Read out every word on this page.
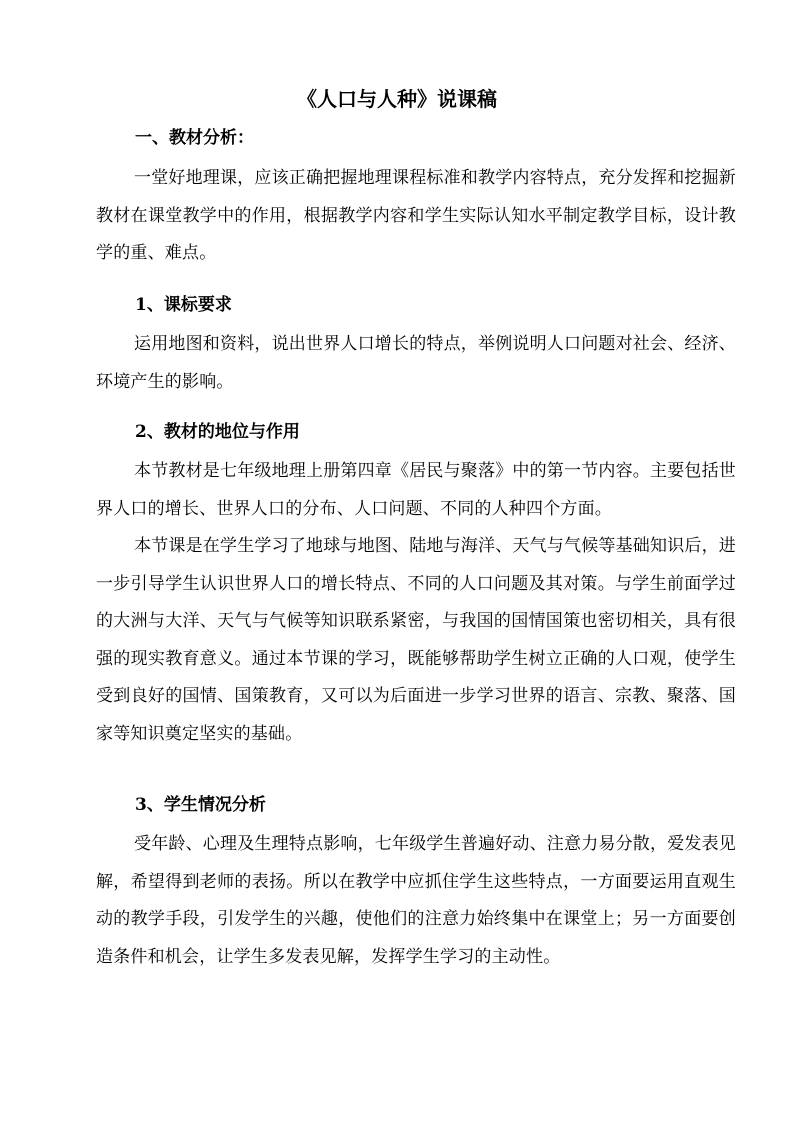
《人口与人种》说课稿
一、教材分析：
一堂好地理课，应该正确把握地理课程标准和教学内容特点，充分发挥和挖掘新教材在课堂教学中的作用，根据教学内容和学生实际认知水平制定教学目标，设计教学的重、难点。
1、课标要求
运用地图和资料，说出世界人口增长的特点，举例说明人口问题对社会、经济、环境产生的影响。
2、教材的地位与作用
本节教材是七年级地理上册第四章《居民与聚落》中的第一节内容。主要包括世界人口的增长、世界人口的分布、人口问题、不同的人种四个方面。
本节课是在学生学习了地球与地图、陆地与海洋、天气与气候等基础知识后，进一步引导学生认识世界人口的增长特点、不同的人口问题及其对策。与学生前面学过的大洲与大洋、天气与气候等知识联系紧密，与我国的国情国策也密切相关，具有很强的现实教育意义。通过本节课的学习，既能够帮助学生树立正确的人口观，使学生受到良好的国情、国策教育，又可以为后面进一步学习世界的语言、宗教、聚落、国家等知识奠定坚实的基础。
3、学生情况分析
受年龄、心理及生理特点影响，七年级学生普遍好动、注意力易分散，爱发表见解，希望得到老师的表扬。所以在教学中应抓住学生这些特点，一方面要运用直观生动的教学手段，引发学生的兴趣，使他们的注意力始终集中在课堂上；另一方面要创造条件和机会，让学生多发表见解，发挥学生学习的主动性。
